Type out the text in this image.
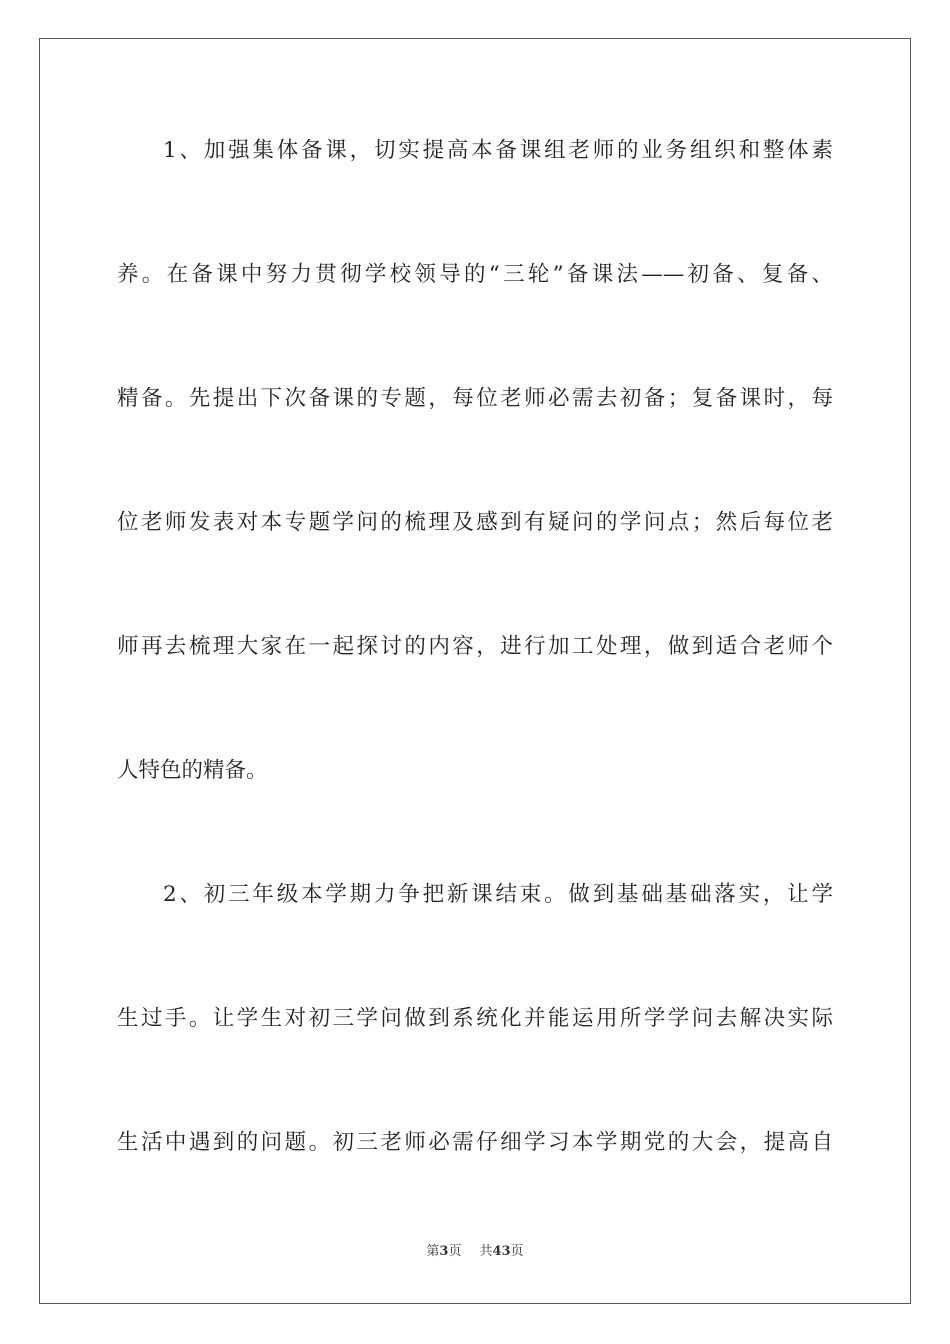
1、加强集体备课，切实提高本备课组老师的业务组织和整体素
养。在备课中努力贯彻学校领导的“三轮”备课法——初备、复备、
精备。先提出下次备课的专题，每位老师必需去初备；复备课时，每
位老师发表对本专题学问的梳理及感到有疑问的学问点；然后每位老
师再去梳理大家在一起探讨的内容，进行加工处理，做到适合老师个
人特色的精备。
2、初三年级本学期力争把新课结束。做到基础基础落实，让学
生过手。让学生对初三学问做到系统化并能运用所学学问去解决实际
生活中遇到的问题。初三老师必需仔细学习本学期党的大会，提高自
第3页 共43页
